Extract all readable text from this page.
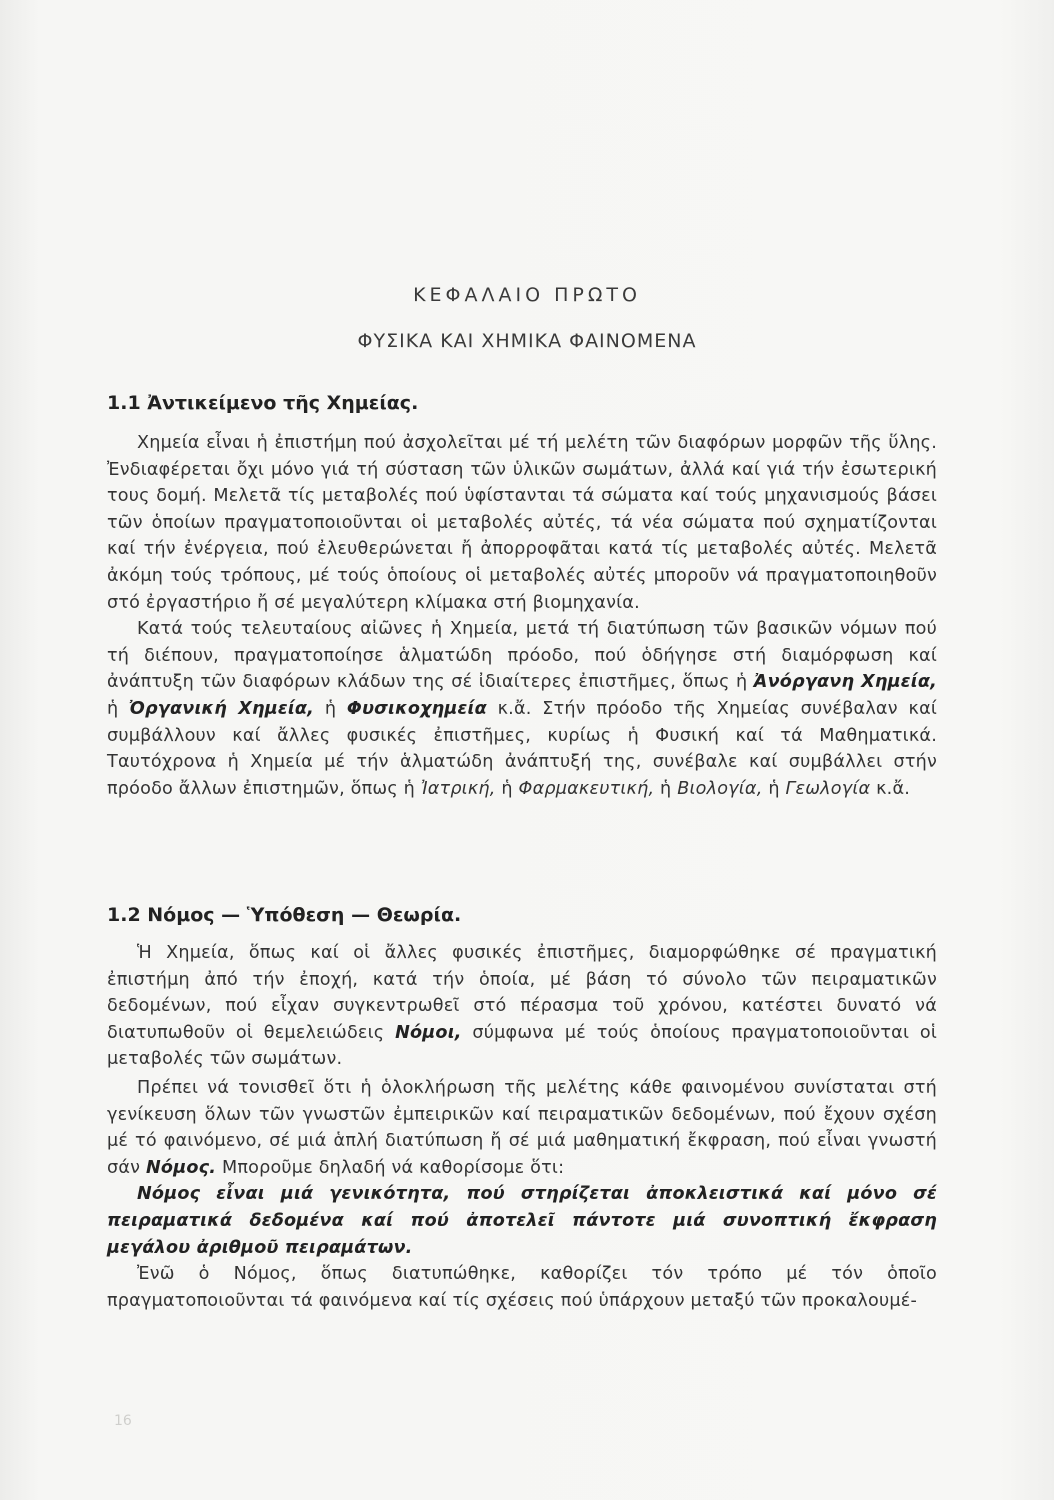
ΚΕΦΑΛΑΙΟ ΠΡΩΤΟ
ΦΥΣΙΚΑ ΚΑΙ ΧΗΜΙΚΑ ΦΑΙΝΟΜΕΝΑ
1.1 Ἀντικείμενο τῆς Χημείας.

Χημεία εἶναι ἡ ἐπιστήμη πού ἀσχολεῖται μέ τή μελέτη τῶν διαφόρων μορφῶν τῆς ὕλης. Ἐνδιαφέρεται ὄχι μόνο γιά τή σύσταση τῶν ὑλικῶν σωμάτων, ἀλλά καί γιά τήν ἐσωτερική τους δομή. Μελετᾶ τίς μεταβολές πού ὑφίστανται τά σώματα καί τούς μηχανισμούς βάσει τῶν ὁποίων πραγματοποιοῦνται οἱ μεταβολές αὐτές, τά νέα σώματα πού σχηματίζονται καί τήν ἐνέργεια, πού ἐλευθερώνεται ἤ ἀπορροφᾶται κατά τίς μεταβολές αὐτές. Μελετᾶ ἀκόμη τούς τρόπους, μέ τούς ὁποίους οἱ μεταβολές αὐτές μποροῦν νά πραγματοποιηθοῦν στό ἐργαστήριο ἤ σέ μεγαλύτερη κλίμακα στή βιομηχανία.

Κατά τούς τελευταίους αἰῶνες ἡ Χημεία, μετά τή διατύπωση τῶν βασικῶν νόμων πού τή διέπουν, πραγματοποίησε ἁλματώδη πρόοδο, πού ὁδήγησε στή διαμόρφωση καί ἀνάπτυξη τῶν διαφόρων κλάδων της σέ ἰδιαίτερες ἐπιστῆμες, ὅπως ἡ Ἀνόργανη Χημεία, ἡ Ὀργανική Χημεία, ἡ Φυσικοχημεία κ.ἄ. Στήν πρόοδο τῆς Χημείας συνέβαλαν καί συμβάλλουν καί ἄλλες φυσικές ἐπιστῆμες, κυρίως ἡ Φυσική καί τά Μαθηματικά. Ταυτόχρονα ἡ Χημεία μέ τήν ἁλματώδη ἀνάπτυξή της, συνέβαλε καί συμβάλλει στήν πρόοδο ἄλλων ἐπιστημῶν, ὅπως ἡ Ἰατρική, ἡ Φαρμακευτική, ἡ Βιολογία, ἡ Γεωλογία κ.ἄ.

1.2 Νόμος — Ὑπόθεση — Θεωρία.

Ἡ Χημεία, ὅπως καί οἱ ἄλλες φυσικές ἐπιστῆμες, διαμορφώθηκε σέ πραγματική ἐπιστήμη ἀπό τήν ἐποχή, κατά τήν ὁποία, μέ βάση τό σύνολο τῶν πειραματικῶν δεδομένων, πού εἶχαν συγκεντρωθεῖ στό πέρασμα τοῦ χρόνου, κατέστει δυνατό νά διατυπωθοῦν οἱ θεμελειώδεις Νόμοι, σύμφωνα μέ τούς ὁποίους πραγματοποιοῦνται οἱ μεταβολές τῶν σωμάτων.

Πρέπει νά τονισθεῖ ὅτι ἡ ὁλοκλήρωση τῆς μελέτης κάθε φαινομένου συνίσταται στή γενίκευση ὅλων τῶν γνωστῶν ἐμπειρικῶν καί πειραματικῶν δεδομένων, πού ἔχουν σχέση μέ τό φαινόμενο, σέ μιά ἁπλή διατύπωση ἤ σέ μιά μαθηματική ἔκφραση, πού εἶναι γνωστή σάν Νόμος. Μποροῦμε δηλαδή νά καθορίσομε ὅτι:

Νόμος εἶναι μιά γενικότητα, πού στηρίζεται ἀποκλειστικά καί μόνο σέ πειραματικά δεδομένα καί πού ἀποτελεῖ πάντοτε μιά συνοπτική ἔκφραση μεγάλου ἀριθμοῦ πειραμάτων.

Ἐνῶ ὁ Νόμος, ὅπως διατυπώθηκε, καθορίζει τόν τρόπο μέ τόν ὁποῖο πραγματοποιοῦνται τά φαινόμενα καί τίς σχέσεις πού ὑπάρχουν μεταξύ τῶν προκαλουμέ-

16
